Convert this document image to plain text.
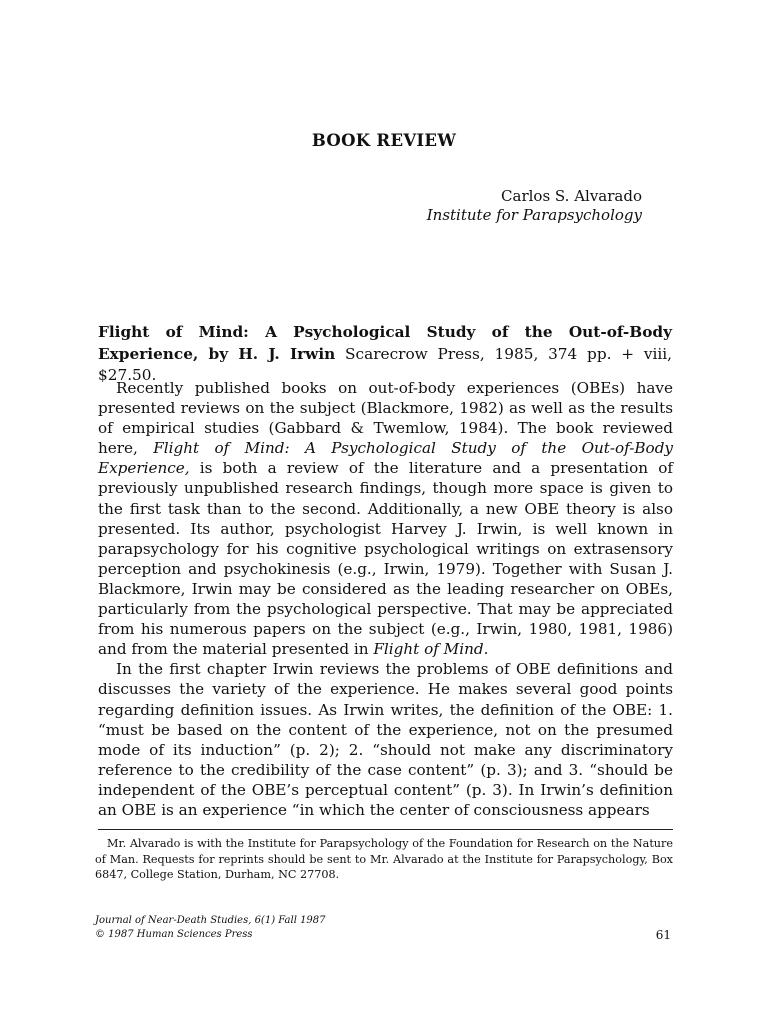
BOOK REVIEW
Carlos S. Alvarado
Institute for Parapsychology
Flight of Mind: A Psychological Study of the Out-of-Body Experience, by H. J. Irwin Scarecrow Press, 1985, 374 pp. + viii, $27.50.

Recently published books on out-of-body experiences (OBEs) have presented reviews on the subject (Blackmore, 1982) as well as the results of empirical studies (Gabbard & Twemlow, 1984). The book reviewed here, Flight of Mind: A Psychological Study of the Out-of-Body Experience, is both a review of the literature and a presentation of previously unpublished research findings, though more space is given to the first task than to the second. Additionally, a new OBE theory is also presented. Its author, psychologist Harvey J. Irwin, is well known in parapsychology for his cognitive psychological writings on extrasensory perception and psychokinesis (e.g., Irwin, 1979). Together with Susan J. Blackmore, Irwin may be considered as the leading researcher on OBEs, particularly from the psychological perspective. That may be appreciated from his numerous papers on the subject (e.g., Irwin, 1980, 1981, 1986) and from the material presented in Flight of Mind.

In the first chapter Irwin reviews the problems of OBE definitions and discusses the variety of the experience. He makes several good points regarding definition issues. As Irwin writes, the definition of the OBE: 1. “must be based on the content of the experience, not on the presumed mode of its induction” (p. 2); 2. “should not make any discriminatory reference to the credibility of the case content” (p. 3); and 3. “should be independent of the OBE’s perceptual content” (p. 3). In Irwin’s definition an OBE is an experience “in which the center of consciousness appears

Mr. Alvarado is with the Institute for Parapsychology of the Foundation for Research on the Nature of Man. Requests for reprints should be sent to Mr. Alvarado at the Institute for Parapsychology, Box 6847, College Station, Durham, NC 27708.

Journal of Near-Death Studies, 6(1) Fall 1987
© 1987 Human Sciences Press	61
